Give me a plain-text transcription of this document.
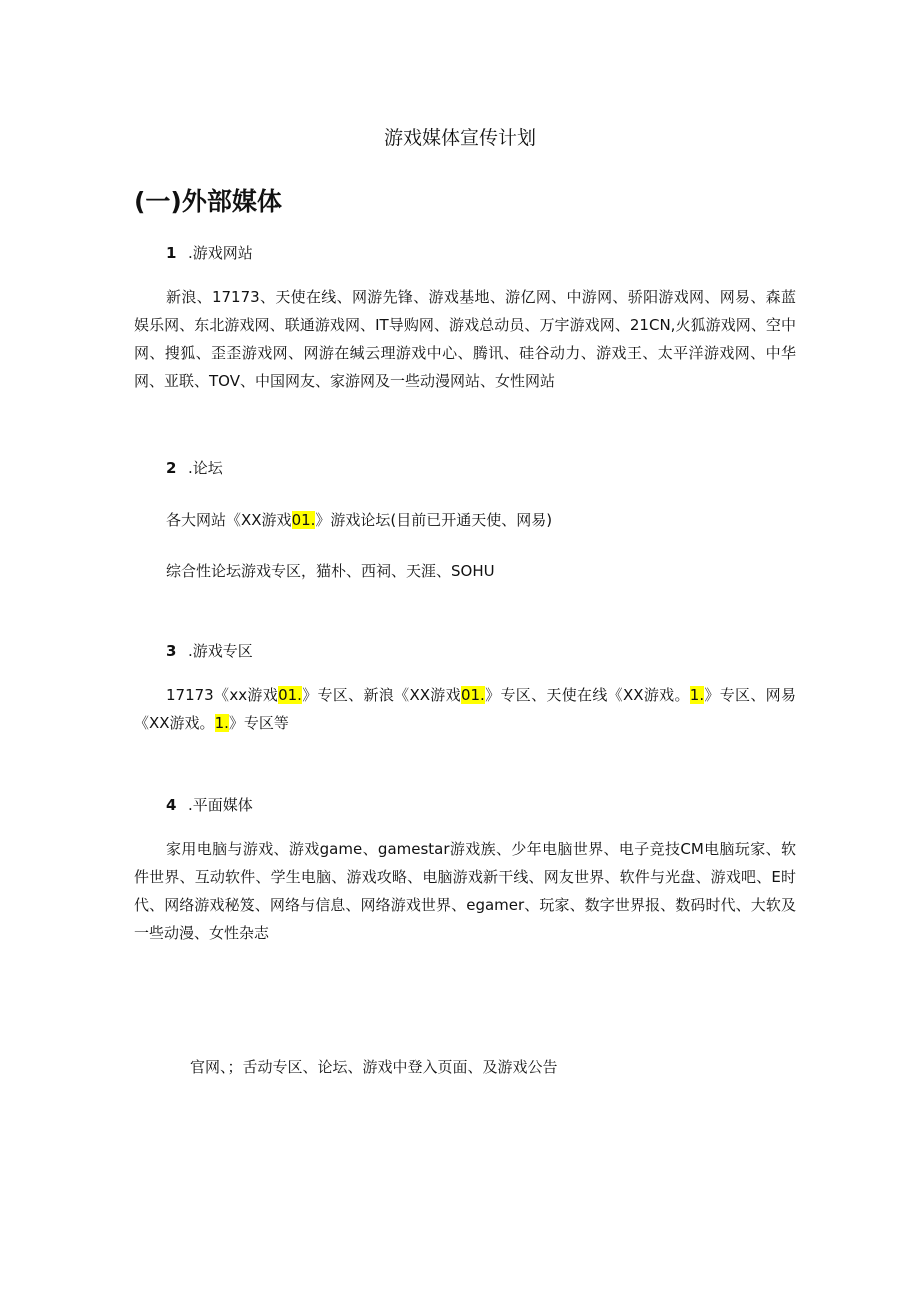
游戏媒体宣传计划
(一)外部媒体
1 .游戏网站
新浪、17173、天使在线、网游先锋、游戏基地、游亿网、中游网、骄阳游戏网、网易、森蓝娱乐网、东北游戏网、联通游戏网、IT导购网、游戏总动员、万宇游戏网、21CN,火狐游戏网、空中网、搜狐、歪歪游戏网、网游在缄云理游戏中心、腾讯、硅谷动力、游戏王、太平洋游戏网、中华网、亚联、TOV、中国网友、家游网及一些动漫网站、女性网站
2 .论坛
各大网站《XX游戏01.》游戏论坛(目前已开通天使、网易)
综合性论坛游戏专区，猫朴、西祠、天涯、SOHU
3 .游戏专区
17173《xx游戏01.》专区、新浪《XX游戏01.》专区、天使在线《XX游戏。1.》专区、网易《XX游戏。1.》专区等
4 .平面媒体
家用电脑与游戏、游戏game、gamestar游戏族、少年电脑世界、电子竞技CM电脑玩家、软件世界、互动软件、学生电脑、游戏攻略、电脑游戏新干线、网友世界、软件与光盘、游戏吧、E时代、网络游戏秘笈、网络与信息、网络游戏世界、egamer、玩家、数字世界报、数码时代、大软及一些动漫、女性杂志
官网、；舌动专区、论坛、游戏中登入页面、及游戏公告
